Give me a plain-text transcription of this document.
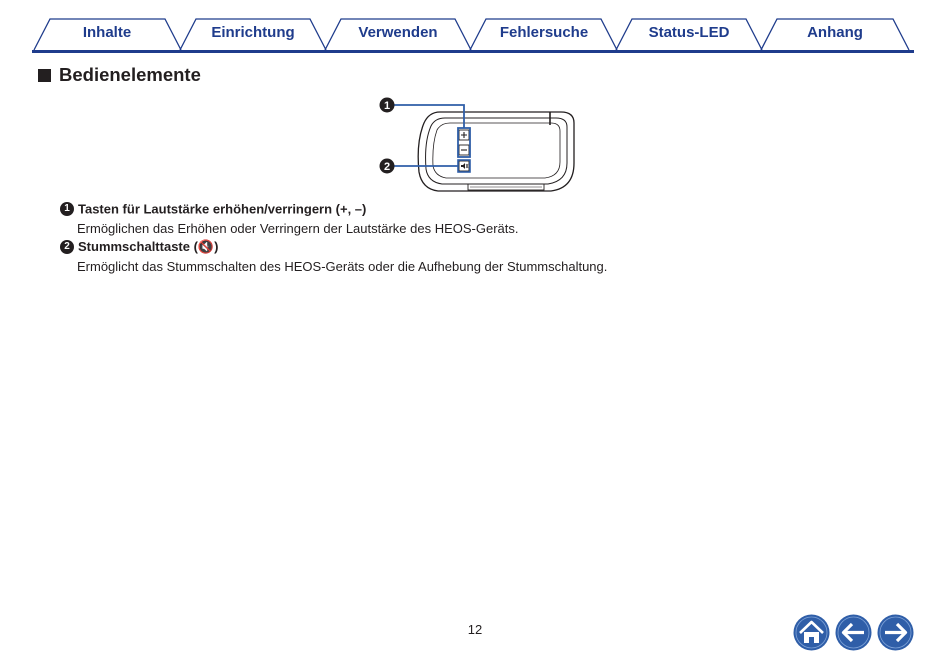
Inhalte	Einrichtung	Verwenden	Fehlersuche	Status-LED	Anhang
Bedienelemente
1
2
1 Tasten für Lautstärke erhöhen/verringern (+, –)
Ermöglichen das Erhöhen oder Verringern der Lautstärke des HEOS-Geräts.
2 Stummschalttaste (🔇)
Ermöglicht das Stummschalten des HEOS-Geräts oder die Aufhebung der Stummschaltung.
12
